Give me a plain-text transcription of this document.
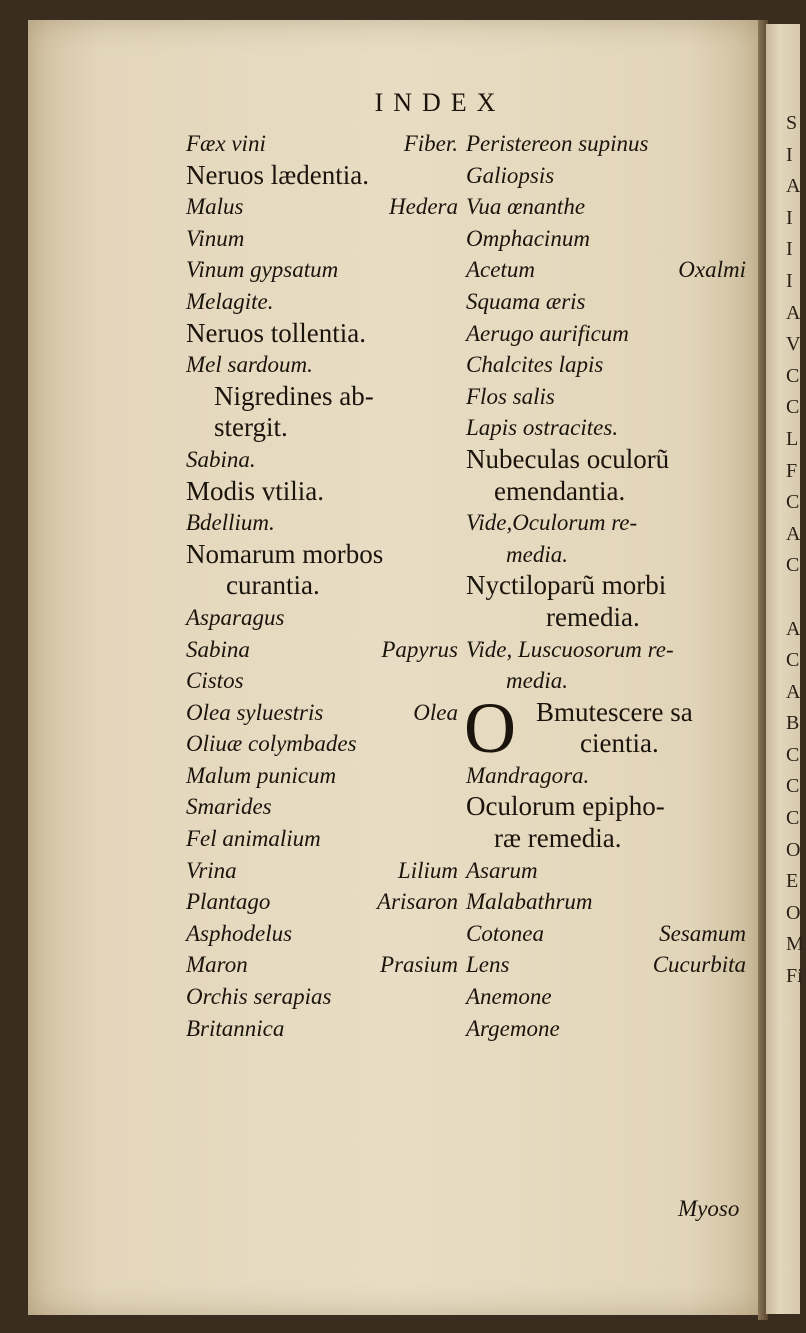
INDEX
Fæx vini	Fiber.
Neruos lædentia.
Malus	Hedera
Vinum
Vinum gypsatum
Melagite.
Neruos tollentia.
Mel sardoum.
Nigredines ab-
stergit.
Sabina.
Modis vtilia.
Bdellium.
Nomarum morbos
curantia.
Asparagus
Sabina	Papyrus
Cistos
Olea syluestris	Olea
Oliuæ colymbades
Malum punicum
Smarides
Fel animalium
Vrina	Lilium
Plantago	Arisaron
Asphodelus
Maron	Prasium
Orchis serapias
Britannica
Peristereon supinus
Galiopsis
Vua œnanthe
Omphacinum
Acetum	Oxalmi
Squama æris
Aerugo aurificum
Chalcites lapis
Flos salis
Lapis ostracites.
Nubeculas oculorũ
emendantia.
Vide,Oculorum re-
media.
Nyctiloparũ morbi
remedia.
Vide, Luscuosorum re-
media.
O Bmutescere sa
cientia.
Mandragora.
Oculorum epipho-
ræ remedia.
Asarum
Malabathrum
Cotonea	Sesamum
Lens	Cucurbita
Anemone
Argemone
Myoso
S
I
A
I
I
I
A
V
C
C
L
F
C
A
C
A
C
A
B
C
C
C
O
E
O
M
Fi
